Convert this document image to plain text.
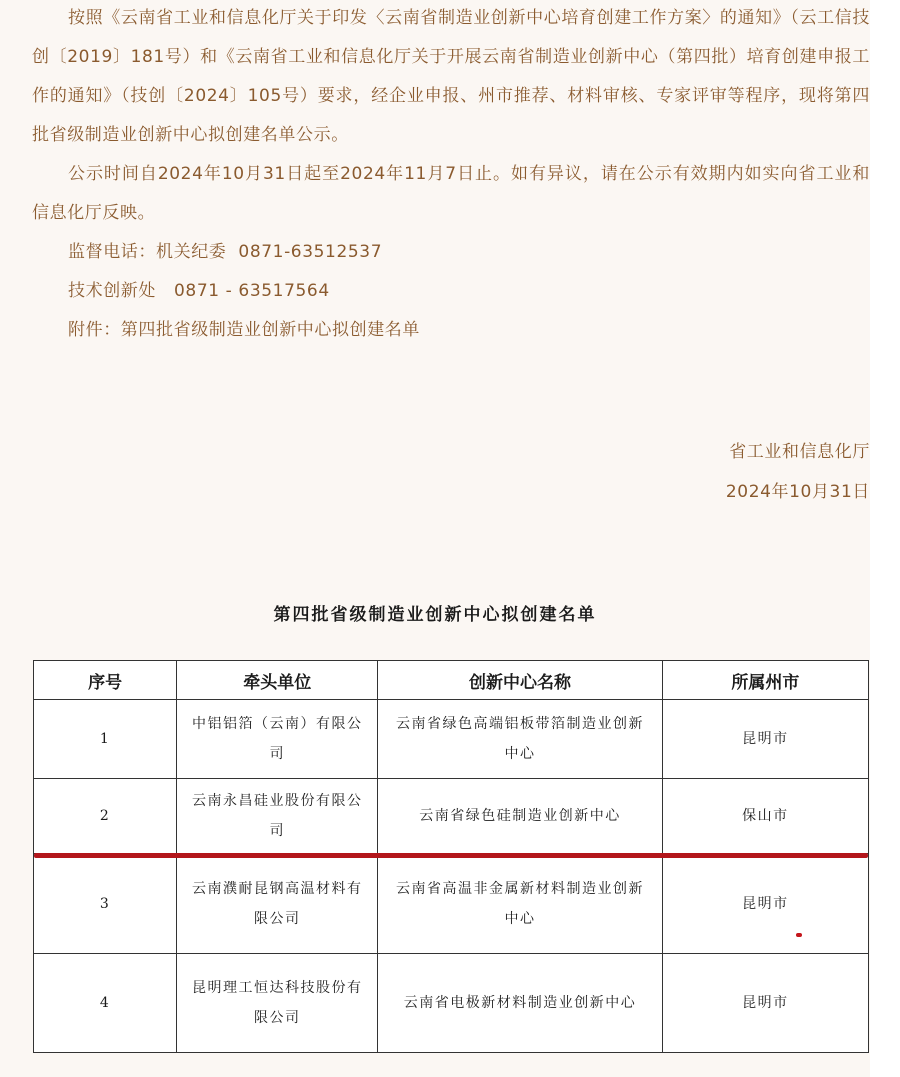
按照《云南省工业和信息化厅关于印发〈云南省制造业创新中心培育创建工作方案〉的通知》（云工信技创〔2019〕181号）和《云南省工业和信息化厅关于开展云南省制造业创新中心（第四批）培育创建申报工作的通知》（技创〔2024〕105号）要求，经企业申报、州市推荐、材料审核、专家评审等程序，现将第四批省级制造业创新中心拟创建名单公示。

公示时间自2024年10月31日起至2024年11月7日止。如有异议，请在公示有效期内如实向省工业和信息化厅反映。

监督电话：机关纪委  0871-63512537

技术创新处   0871 - 63517564

附件：第四批省级制造业创新中心拟创建名单

省工业和信息化厅
2024年10月31日
第四批省级制造业创新中心拟创建名单
序号	牵头单位	创新中心名称	所属州市
1	中铝铝箔（云南）有限公司	云南省绿色高端铝板带箔制造业创新中心	昆明市
2	云南永昌硅业股份有限公司	云南省绿色硅制造业创新中心	保山市
3	云南濮耐昆钢高温材料有限公司	云南省高温非金属新材料制造业创新中心	昆明市
4	昆明理工恒达科技股份有限公司	云南省电极新材料制造业创新中心	昆明市
